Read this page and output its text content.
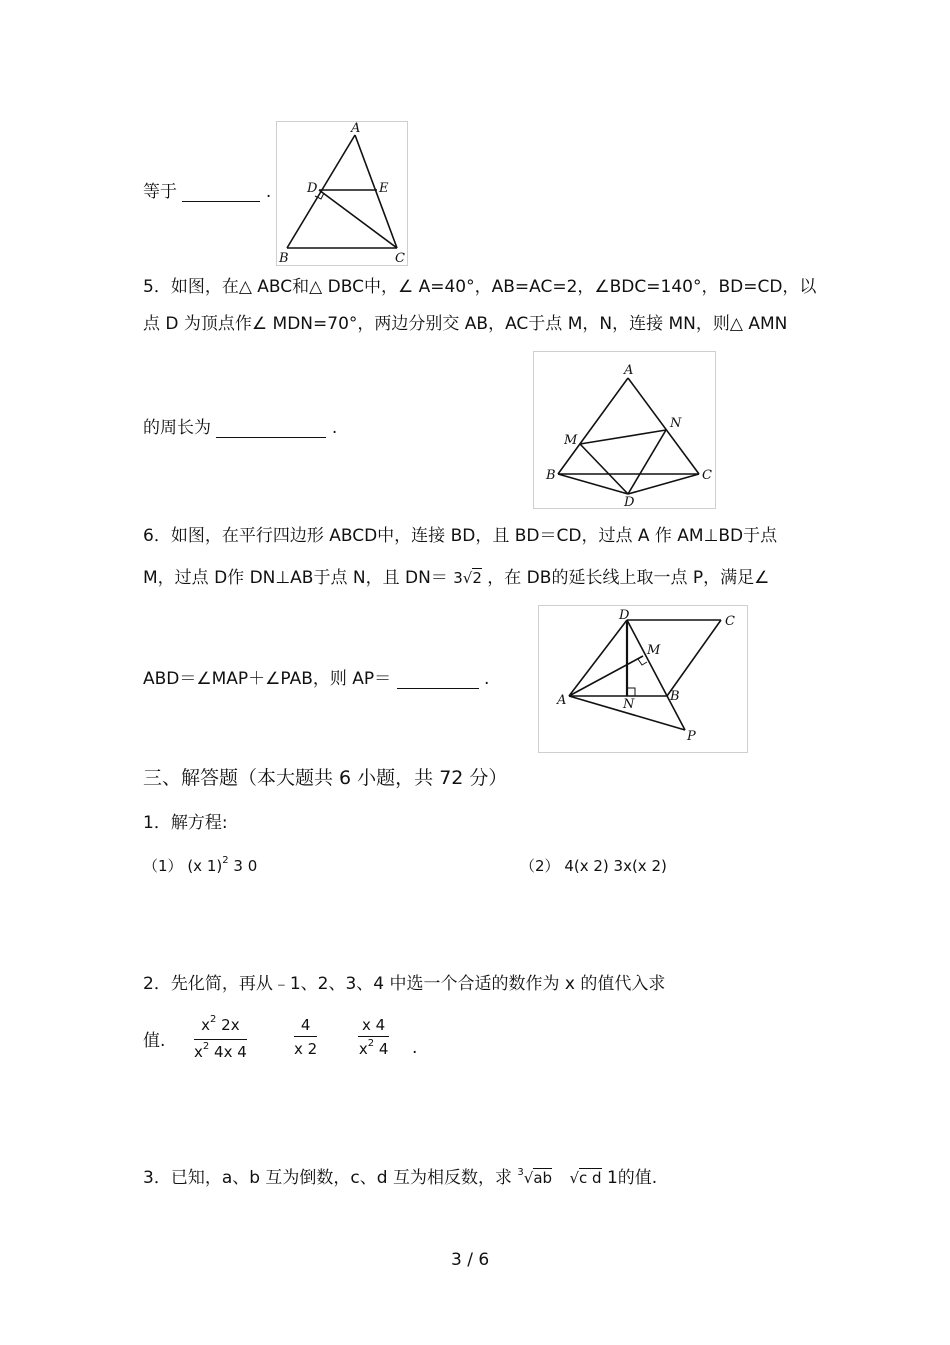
等于	.
A
B	C
D	E
5．如图，在△ ABC和△ DBC中，∠ A=40°，AB=AC=2，∠BDC=140°，BD=CD，以
点 D 为顶点作∠ MDN=70°，两边分别交 AB，AC于点 M，N，连接 MN，则△ AMN
的周长为	.
A
B	C
D
M
N
6．如图，在平行四边形 ABCD中，连接 BD，且 BD＝CD，过点 A 作 AM⊥BD于点
M，过点 D作 DN⊥AB于点 N，且 DN＝ 3√2 ，在 DB的延长线上取一点 P，满足∠
ABD＝∠MAP＋∠PAB，则 AP＝	.
D	C
A	B
N
M
P
三、解答题（本大题共 6 小题，共 72 分）
1．解方程:
（1） (x 1)$^2$ 3 0	（2） 4(x 2) 3x(x 2)
2．先化简，再从﹣1、2、3、4 中选一个合适的数作为 x 的值代入求
值. $\frac{x^2 2x}{x^2 4x 4}$	$\frac{4}{x 2}$	$\frac{x 4}{x^2 4}$ .
3．已知，a、b 互为倒数，c、d 互为相反数，求 $^3$√ab √c d 1的值.
3 / 6
